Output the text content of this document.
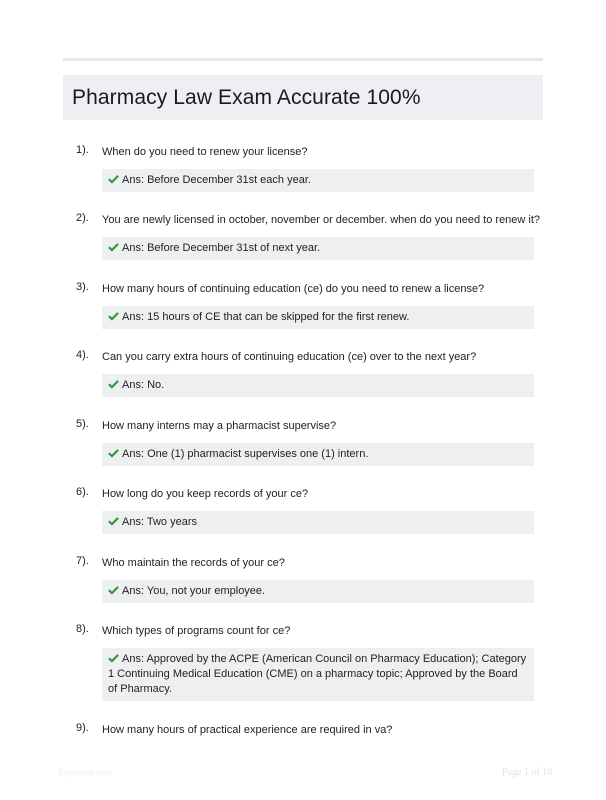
Pharmacy Law Exam Accurate 100%
1). When do you need to renew your license?
Ans: Before December 31st each year.
2). You are newly licensed in october, november or december. when do you need to renew it?
Ans: Before December 31st of next year.
3). How many hours of continuing education (ce) do you need to renew a license?
Ans: 15 hours of CE that can be skipped for the first renew.
4). Can you carry extra hours of continuing education (ce) over to the next year?
Ans: No.
5). How many interns may a pharmacist supervise?
Ans: One (1) pharmacist supervises one (1) intern.
6). How long do you keep records of your ce?
Ans: Two years
7). Who maintain the records of your ce?
Ans: You, not your employee.
8). Which types of programs count for ce?
Ans: Approved by the ACPE (American Council on Pharmacy Education); Category 1 Continuing Medical Education (CME) on a pharmacy topic; Approved by the Board of Pharmacy.
9). How many hours of practical experience are required in va?
Paperssub.com	Page 1 of 10
